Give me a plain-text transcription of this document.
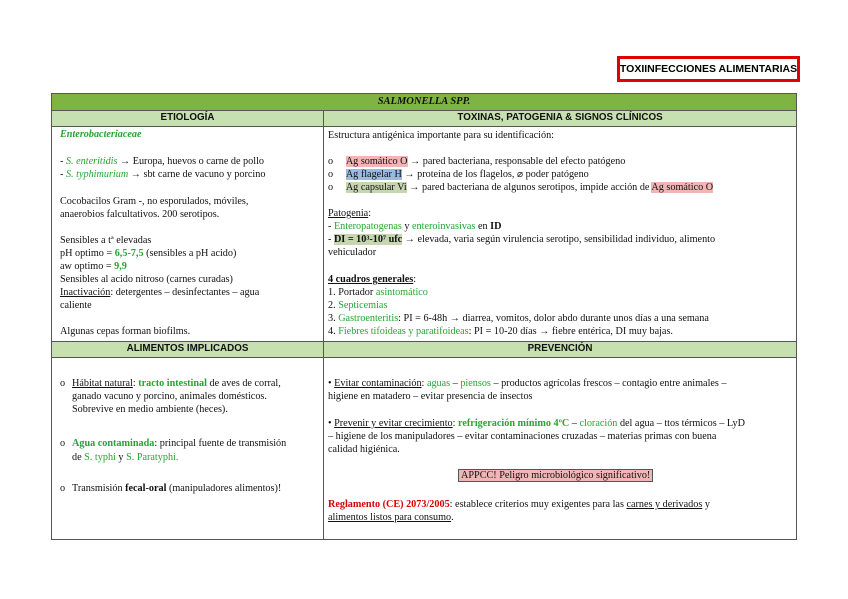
TOXIINFECCIONES ALIMENTARIAS
SALMONELLA SPP.
ETIOLOGÍA	TOXINAS, PATOGENIA & SIGNOS CLÍNICOS
ALIMENTOS IMPLICADOS	PREVENCIÓN
Enterobacteriaceae
- S. enteritidis → Europa, huevos o carne de pollo
- S. typhimurium → sbt carne de vacuno y porcino
Cocobacilos Gram -, no esporulados, móviles,
anaerobios falcultativos. 200 serotipos.
Sensibles a tª elevadas
pH optimo = 6,5-7,5 (sensibles a pH acido)
aw optimo = 9,9
Sensibles al acido nitroso (carnes curadas)
Inactivación: detergentes – desinfectantes – agua
caliente
Algunas cepas forman biofilms.
Estructura antigénica importante para su identificación:
o Ag somático O → pared bacteriana, responsable del efecto patógeno
o Ag flagelar H → proteína de los flagelos, ⌀ poder patógeno
o Ag capsular Vi → pared bacteriana de algunos serotipos, impide acción de Ag somático O
Patogenia:
- Enteropatogenas y enteroinvasivas en ID
- DI = 10³-10⁷ ufc → elevada, varia según virulencia serotipo, sensibilidad individuo, alimento
vehiculador
4 cuadros generales:
1. Portador asintomático
2. Septicemias
3. Gastroenteritis: PI = 6-48h → diarrea, vomitos, dolor abdo durante unos días a una semana
4. Fiebres tifoideas y paratifoideas: PI = 10-20 días → fiebre entérica, DI muy bajas.
o Hábitat natural: tracto intestinal de aves de corral,
ganado vacuno y porcino, animales domésticos.
Sobrevive en medio ambiente (heces).
o Agua contaminada: principal fuente de transmisión
de S. typhi y S. Paratyphi.
o Transmisión fecal-oral (manipuladores alimentos)!
• Evitar contaminación: aguas – piensos – productos agrícolas frescos – contagio entre animales –
higiene en matadero – evitar presencia de insectos
• Prevenir y evitar crecimiento: refrigeración mínimo 4ºC – cloración del agua – ttos térmicos – LyD
– higiene de los manipuladores – evitar contaminaciones cruzadas – materias primas con buena
calidad higiénica.
APPCC! Peligro microbiológico significativo!
Reglamento (CE) 2073/2005: establece criterios muy exigentes para las carnes y derivados y
alimentos listos para consumo.
